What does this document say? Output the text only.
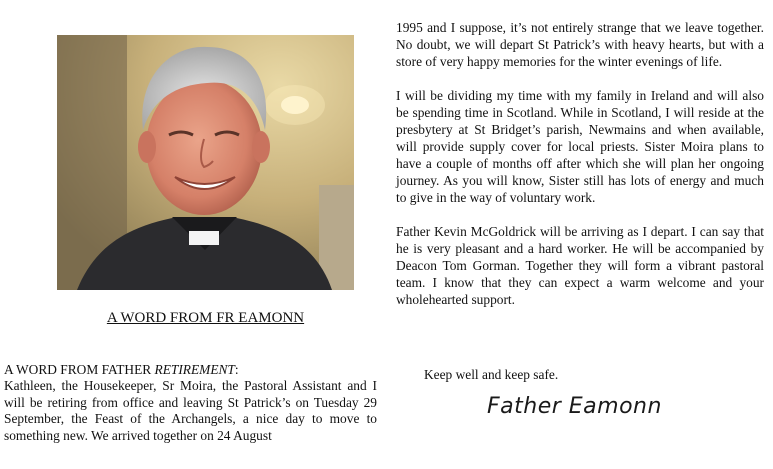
A WORD FROM FR EAMONN
A WORD FROM FATHER RETIREMENT:
Kathleen, the Housekeeper, Sr Moira, the Pastoral Assistant and I will be retiring from office and leaving St Patrick’s on Tuesday 29 September, the Feast of the Archangels, a nice day to move to something new. We arrived together on 24 August

1995 and I suppose, it’s not entirely strange that we leave together. No doubt, we will depart St Patrick’s with heavy hearts, but with a store of very happy memories for the winter evenings of life.

I will be dividing my time with my family in Ireland and will also be spending time in Scotland. While in Scotland, I will reside at the presbytery at St Bridget’s parish, Newmains and when available, will provide supply cover for local priests. Sister Moira plans to have a couple of months off after which she will plan her ongoing journey. As you will know, Sister still has lots of energy and much to give in the way of voluntary work.

Father Kevin McGoldrick will be arriving as I depart. I can say that he is very pleasant and a hard worker. He will be accompanied by Deacon Tom Gorman. Together they will form a vibrant pastoral team. I know that they can expect a warm welcome and your wholehearted support.

Keep well and keep safe.
Father Eamonn
